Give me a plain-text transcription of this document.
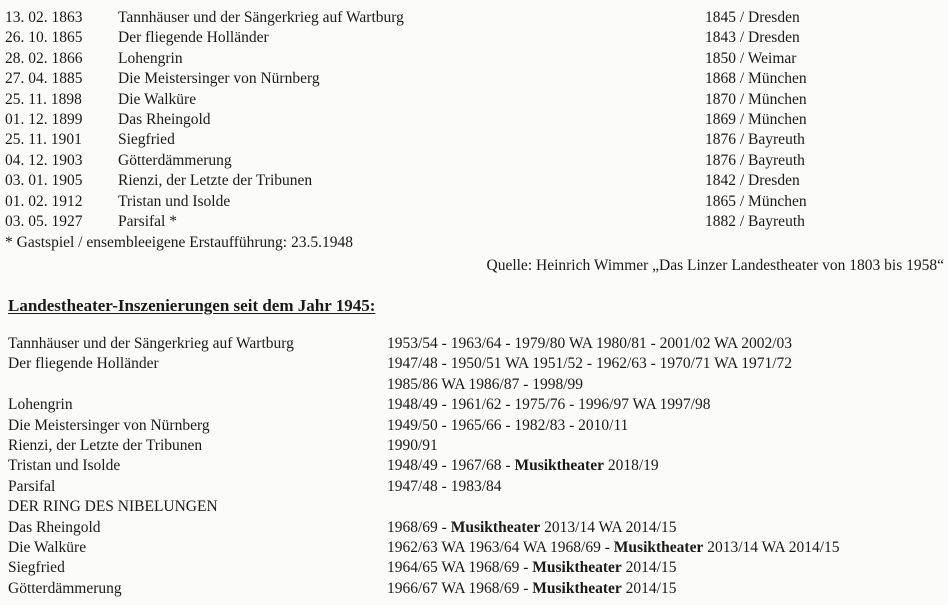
13. 02. 1863 Tannhäuser und der Sängerkrieg auf Wartburg	1845 / Dresden
26. 10. 1865 Der fliegende Holländer	1843 / Dresden
28. 02. 1866 Lohengrin	1850 / Weimar
27. 04. 1885 Die Meistersinger von Nürnberg	1868 / München
25. 11. 1898 Die Walküre	1870 / München
01. 12. 1899 Das Rheingold	1869 / München
25. 11. 1901 Siegfried	1876 / Bayreuth
04. 12. 1903 Götterdämmerung	1876 / Bayreuth
03. 01. 1905 Rienzi, der Letzte der Tribunen	1842 / Dresden
01. 02. 1912 Tristan und Isolde	1865 / München
03. 05. 1927 Parsifal *	1882 / Bayreuth
* Gastspiel / ensembleeigene Erstaufführung: 23.5.1948
Quelle: Heinrich Wimmer „Das Linzer Landestheater von 1803 bis 1958“
Landestheater-Inszenierungen seit dem Jahr 1945:
Tannhäuser und der Sängerkrieg auf Wartburg	1953/54 - 1963/64 - 1979/80 WA 1980/81 - 2001/02 WA 2002/03
Der fliegende Holländer	1947/48 - 1950/51 WA 1951/52 - 1962/63 - 1970/71 WA 1971/72
1985/86 WA 1986/87 - 1998/99
Lohengrin	1948/49 - 1961/62 - 1975/76 - 1996/97 WA 1997/98
Die Meistersinger von Nürnberg	1949/50 - 1965/66 - 1982/83 - 2010/11
Rienzi, der Letzte der Tribunen	1990/91
Tristan und Isolde	1948/49 - 1967/68 - Musiktheater 2018/19
Parsifal	1947/48 - 1983/84
DER RING DES NIBELUNGEN
Das Rheingold	1968/69 - Musiktheater 2013/14 WA 2014/15
Die Walküre	1962/63 WA 1963/64 WA 1968/69 - Musiktheater 2013/14 WA 2014/15
Siegfried	1964/65 WA 1968/69 - Musiktheater 2014/15
Götterdämmerung	1966/67 WA 1968/69 - Musiktheater 2014/15
